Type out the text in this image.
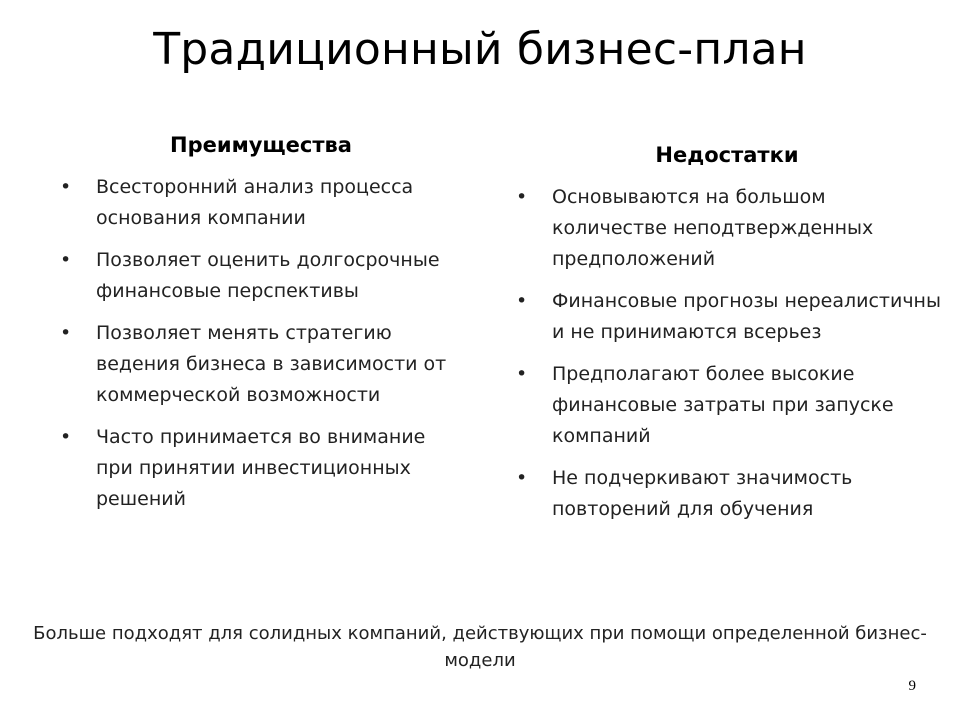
Традиционный бизнес-план
Преимущества
• Всесторонний анализ процесса основания компании
• Позволяет оценить долгосрочные финансовые перспективы
• Позволяет менять стратегию ведения бизнеса в зависимости от коммерческой возможности
• Часто принимается во внимание при принятии инвестиционных решений
Недостатки
• Основываются на большом количестве неподтвержденных предположений
• Финансовые прогнозы нереалистичны и не принимаются всерьез
• Предполагают более высокие финансовые затраты при запуске компаний
• Не подчеркивают значимость повторений для обучения
Больше подходят для солидных компаний, действующих при помощи определенной бизнес-модели
9
